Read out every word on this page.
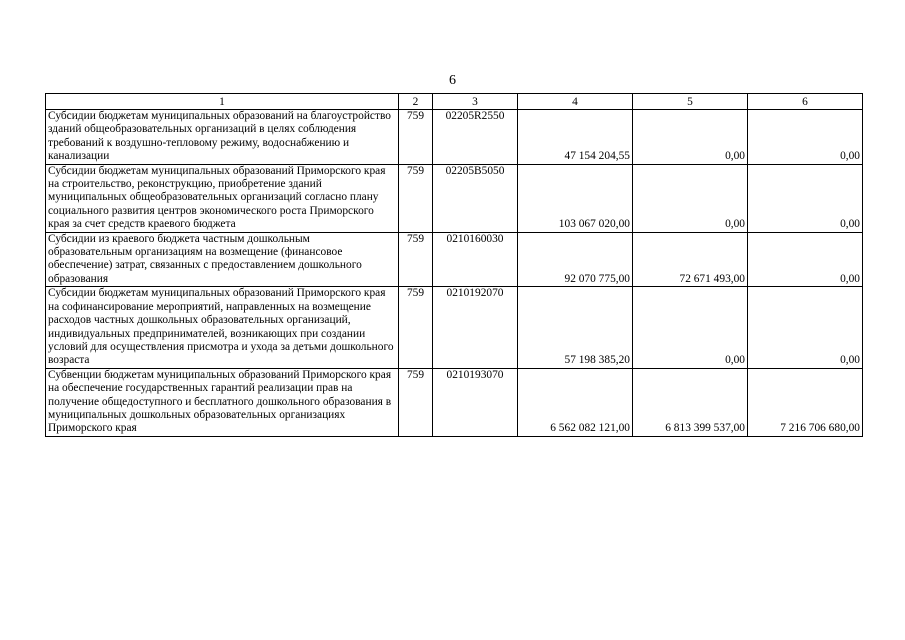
6
1	2	3	4	5	6
Субсидии бюджетам муниципальных образований на благоустройство зданий общеобразовательных организаций в целях соблюдения требований к воздушно-тепловому режиму, водоснабжению и канализации	759	02205R2550	47 154 204,55	0,00	0,00
Субсидии бюджетам муниципальных образований Приморского края на строительство, реконструкцию, приобретение зданий муниципальных общеобразовательных организаций согласно плану социального развития центров экономического роста Приморского края за счет средств краевого бюджета	759	02205В5050	103 067 020,00	0,00	0,00
Субсидии из краевого бюджета частным дошкольным образовательным организациям на возмещение (финансовое обеспечение) затрат, связанных с предоставлением дошкольного образования	759	0210160030	92 070 775,00	72 671 493,00	0,00
Субсидии бюджетам муниципальных образований Приморского края на софинансирование мероприятий, направленных на возмещение расходов частных дошкольных образовательных организаций, индивидуальных предпринимателей, возникающих при создании условий для осуществления присмотра и ухода за детьми дошкольного возраста	759	0210192070	57 198 385,20	0,00	0,00
Субвенции бюджетам муниципальных образований Приморского края на обеспечение государственных гарантий реализации прав на получение общедоступного и бесплатного дошкольного образования в муниципальных дошкольных образовательных организациях Приморского края	759	0210193070	6 562 082 121,00	6 813 399 537,00	7 216 706 680,00
